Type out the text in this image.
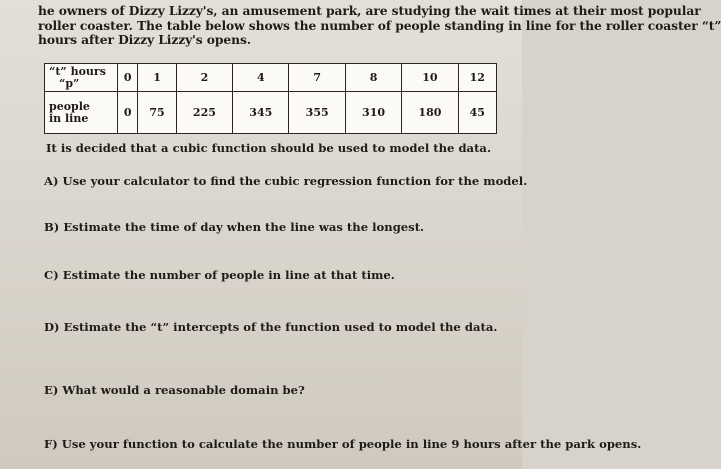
he owners of Dizzy Lizzy's, an amusement park, are studying the wait times at their most popular
roller coaster. The table below shows the number of people standing in line for the roller coaster “t”
hours after Dizzy Lizzy's opens.
“t” hours
“p”	0	1	2	4	7	8	10	12

people
in line	0	75	225	345	355	310	180	45
It is decided that a cubic function should be used to model the data.
A) Use your calculator to find the cubic regression function for the model.
B) Estimate the time of day when the line was the longest.
C) Estimate the number of people in line at that time.
D) Estimate the “t” intercepts of the function used to model the data.
E) What would a reasonable domain be?
F) Use your function to calculate the number of people in line 9 hours after the park opens.
